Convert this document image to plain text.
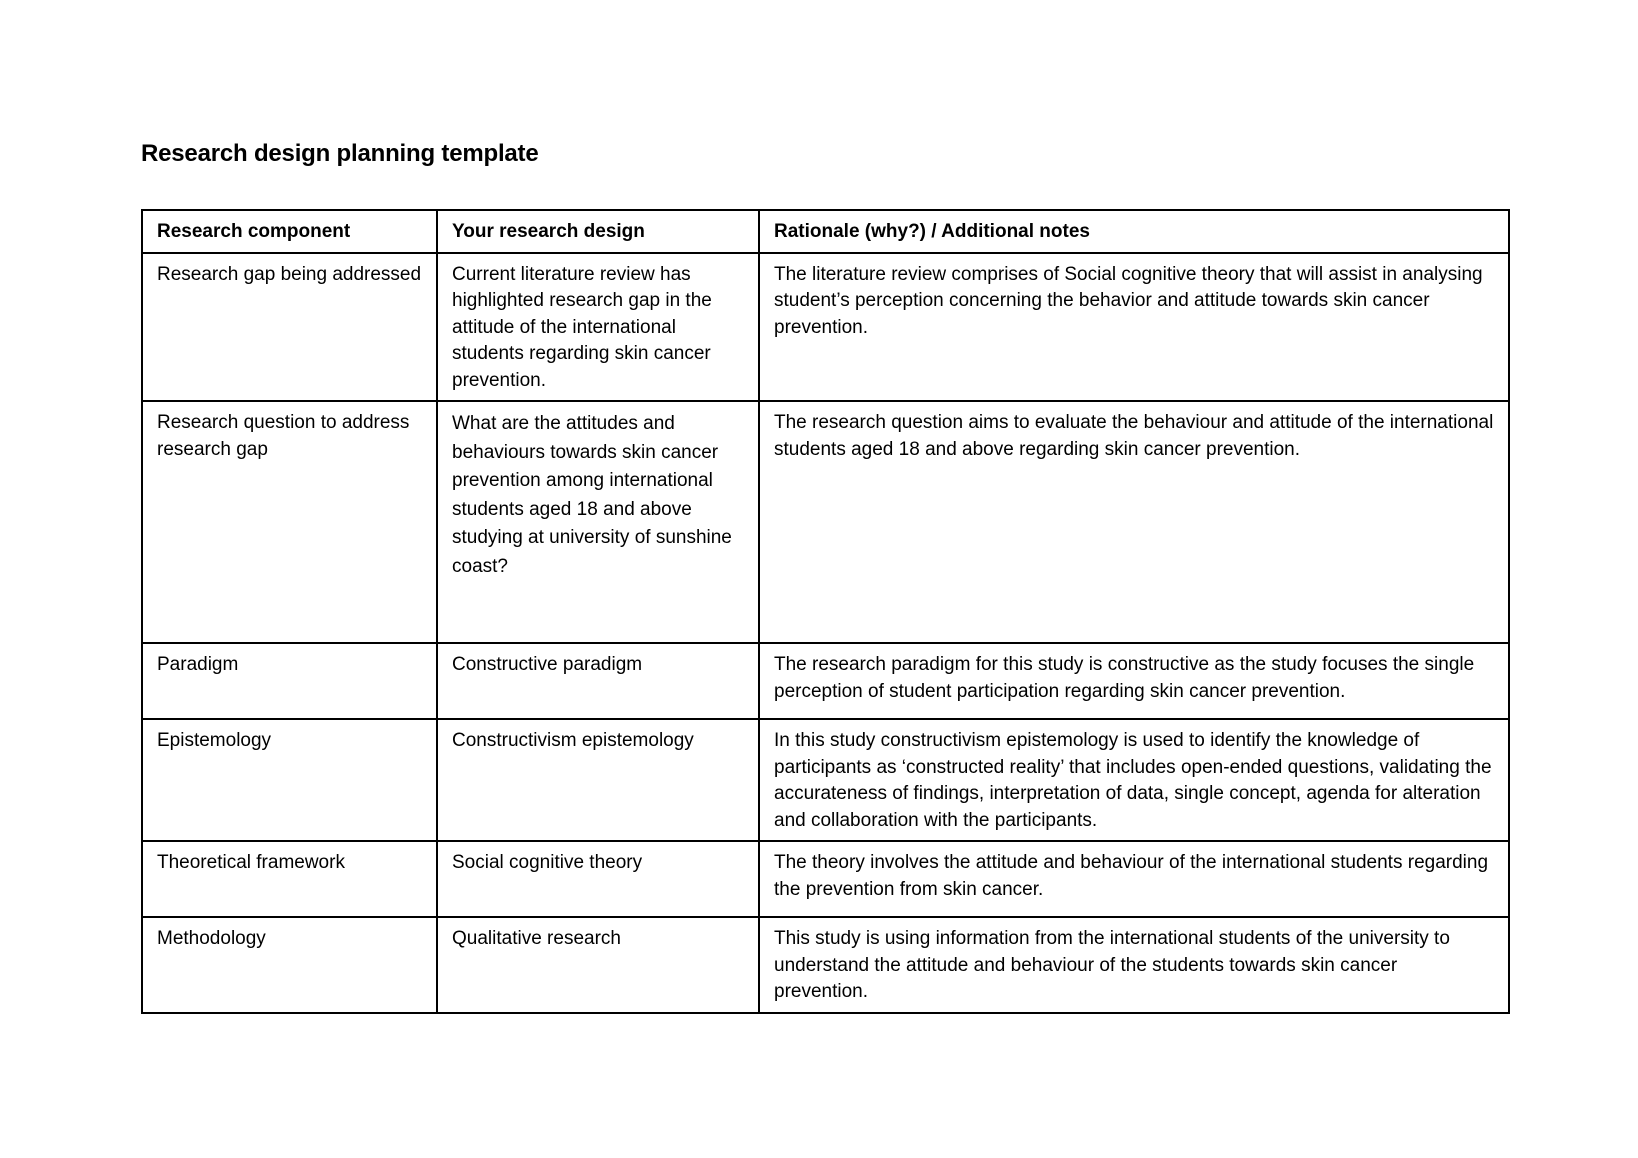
Research design planning template
Research component	Your research design	Rationale (why?) / Additional notes
Research gap being addressed	Current literature review has highlighted research gap in the attitude of the international students regarding skin cancer prevention.	The literature review comprises of Social cognitive theory that will assist in analysing student’s perception concerning the behavior and attitude towards skin cancer prevention.
Research question to address research gap	What are the attitudes and behaviours towards skin cancer prevention among international students aged 18 and above studying at university of sunshine coast?	The research question aims to evaluate the behaviour and attitude of the international students aged 18 and above regarding skin cancer prevention.
Paradigm	Constructive paradigm	The research paradigm for this study is constructive as the study focuses the single perception of student participation regarding skin cancer prevention.
Epistemology	Constructivism epistemology	In this study constructivism epistemology is used to identify the knowledge of participants as ‘constructed reality’ that includes open-ended questions, validating the accurateness of findings, interpretation of data, single concept, agenda for alteration and collaboration with the participants.
Theoretical framework	Social cognitive theory	The theory involves the attitude and behaviour of the international students regarding the prevention from skin cancer.
Methodology	Qualitative research	This study is using information from the international students of the university to understand the attitude and behaviour of the students towards skin cancer prevention.
